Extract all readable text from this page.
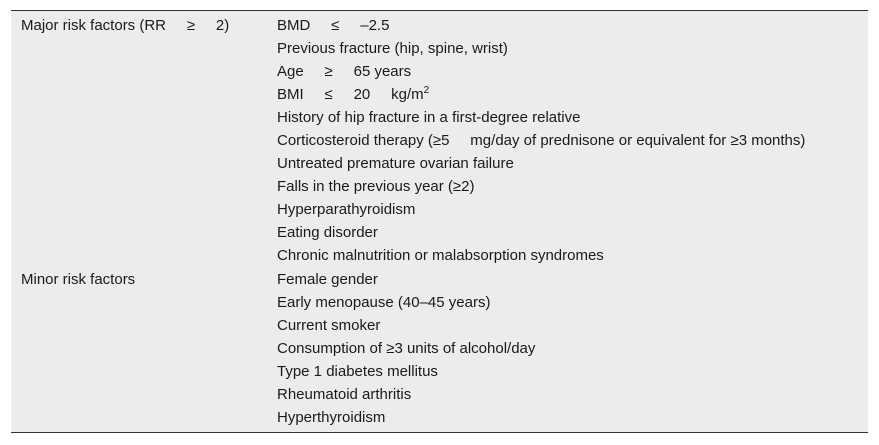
Major risk factors (RR     ≥     2)	BMD     ≤     –2.5
Previous fracture (hip, spine, wrist)
Age     ≥     65 years
BMI     ≤     20     $kg/m^2$
History of hip fracture in a first-degree relative
Corticosteroid therapy (≥5     mg/day of prednisone or equivalent for ≥3 months)
Untreated premature ovarian failure
Falls in the previous year (≥2)
Hyperparathyroidism
Eating disorder
Chronic malnutrition or malabsorption syndromes
Minor risk factors	Female gender
Early menopause (40–45 years)
Current smoker
Consumption of ≥3 units of alcohol/day
Type 1 diabetes mellitus
Rheumatoid arthritis
Hyperthyroidism
